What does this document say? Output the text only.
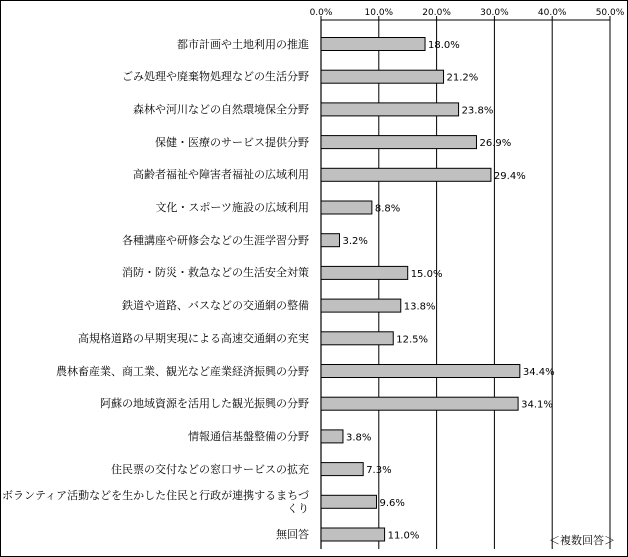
0.0%	10.0%	20.0%	30.0%	40.0%	50.0%
18.0%
21.2%
23.8%
26.9%
29.4%
8.8%
3.2%
15.0%
13.8%
12.5%
34.4%
34.1%
3.8%
7.3%
9.6%
11.0%
都市計画や土地利用の推進
ごみ処理や廃棄物処理などの生活分野
森林や河川などの自然環境保全分野
保健・医療のサービス提供分野
高齢者福祉や障害者福祉の広域利用
文化・スポーツ施設の広域利用
各種講座や研修会などの生涯学習分野
消防・防災・救急などの生活安全対策
鉄道や道路、バスなどの交通網の整備
高規格道路の早期実現による高速交通網の充実
農林畜産業、商工業、観光など産業経済振興の分野
阿蘇の地域資源を活用した観光振興の分野
情報通信基盤整備の分野
住民票の交付などの窓口サービスの拡充
ボランティア活動などを生かした住民と行政が連携するまちづくり
無回答	＜複数回答＞
